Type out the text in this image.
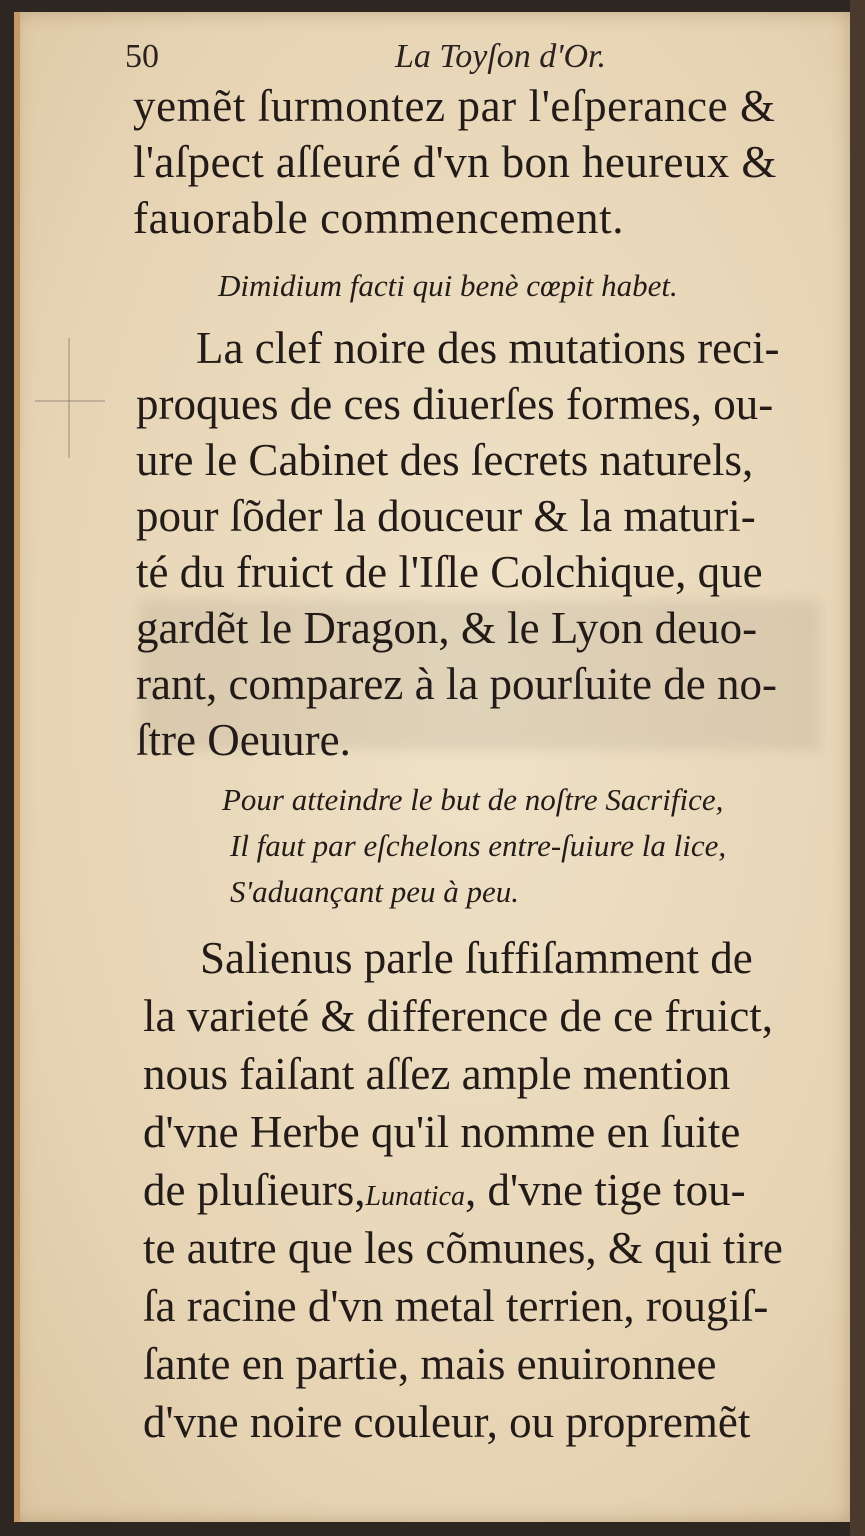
50	La Toyſon d'Or.
yemẽt ſurmontez par l'eſperance &
l'aſpect aſſeuré d'vn bon heureux &
fauorable commencement.
Dimidium facti qui benè cœpit habet.
La clef noire des mutations reci-
proques de ces diuerſes formes, ou-
ure le Cabinet des ſecrets naturels,
pour ſõder la douceur & la maturi-
té du fruict de l'Iſle Colchique, que
gardẽt le Dragon, & le Lyon deuo-
rant, comparez à la pourſuite de no-
ſtre Oeuure.
Pour atteindre le but de noſtre Sacrifice,
Il faut par eſchelons entre-ſuiure la lice,
S'aduançant peu à peu.
Salienus parle ſuffiſamment de
la varieté & difference de ce fruict,
nous faiſant aſſez ample mention
d'vne Herbe qu'il nomme en ſuite
de pluſieurs,Lunatica, d'vne tige tou-
te autre que les cõmunes, & qui tire
ſa racine d'vn metal terrien, rougiſ-
ſante en partie, mais enuironnee
d'vne noire couleur, ou propremẽt
